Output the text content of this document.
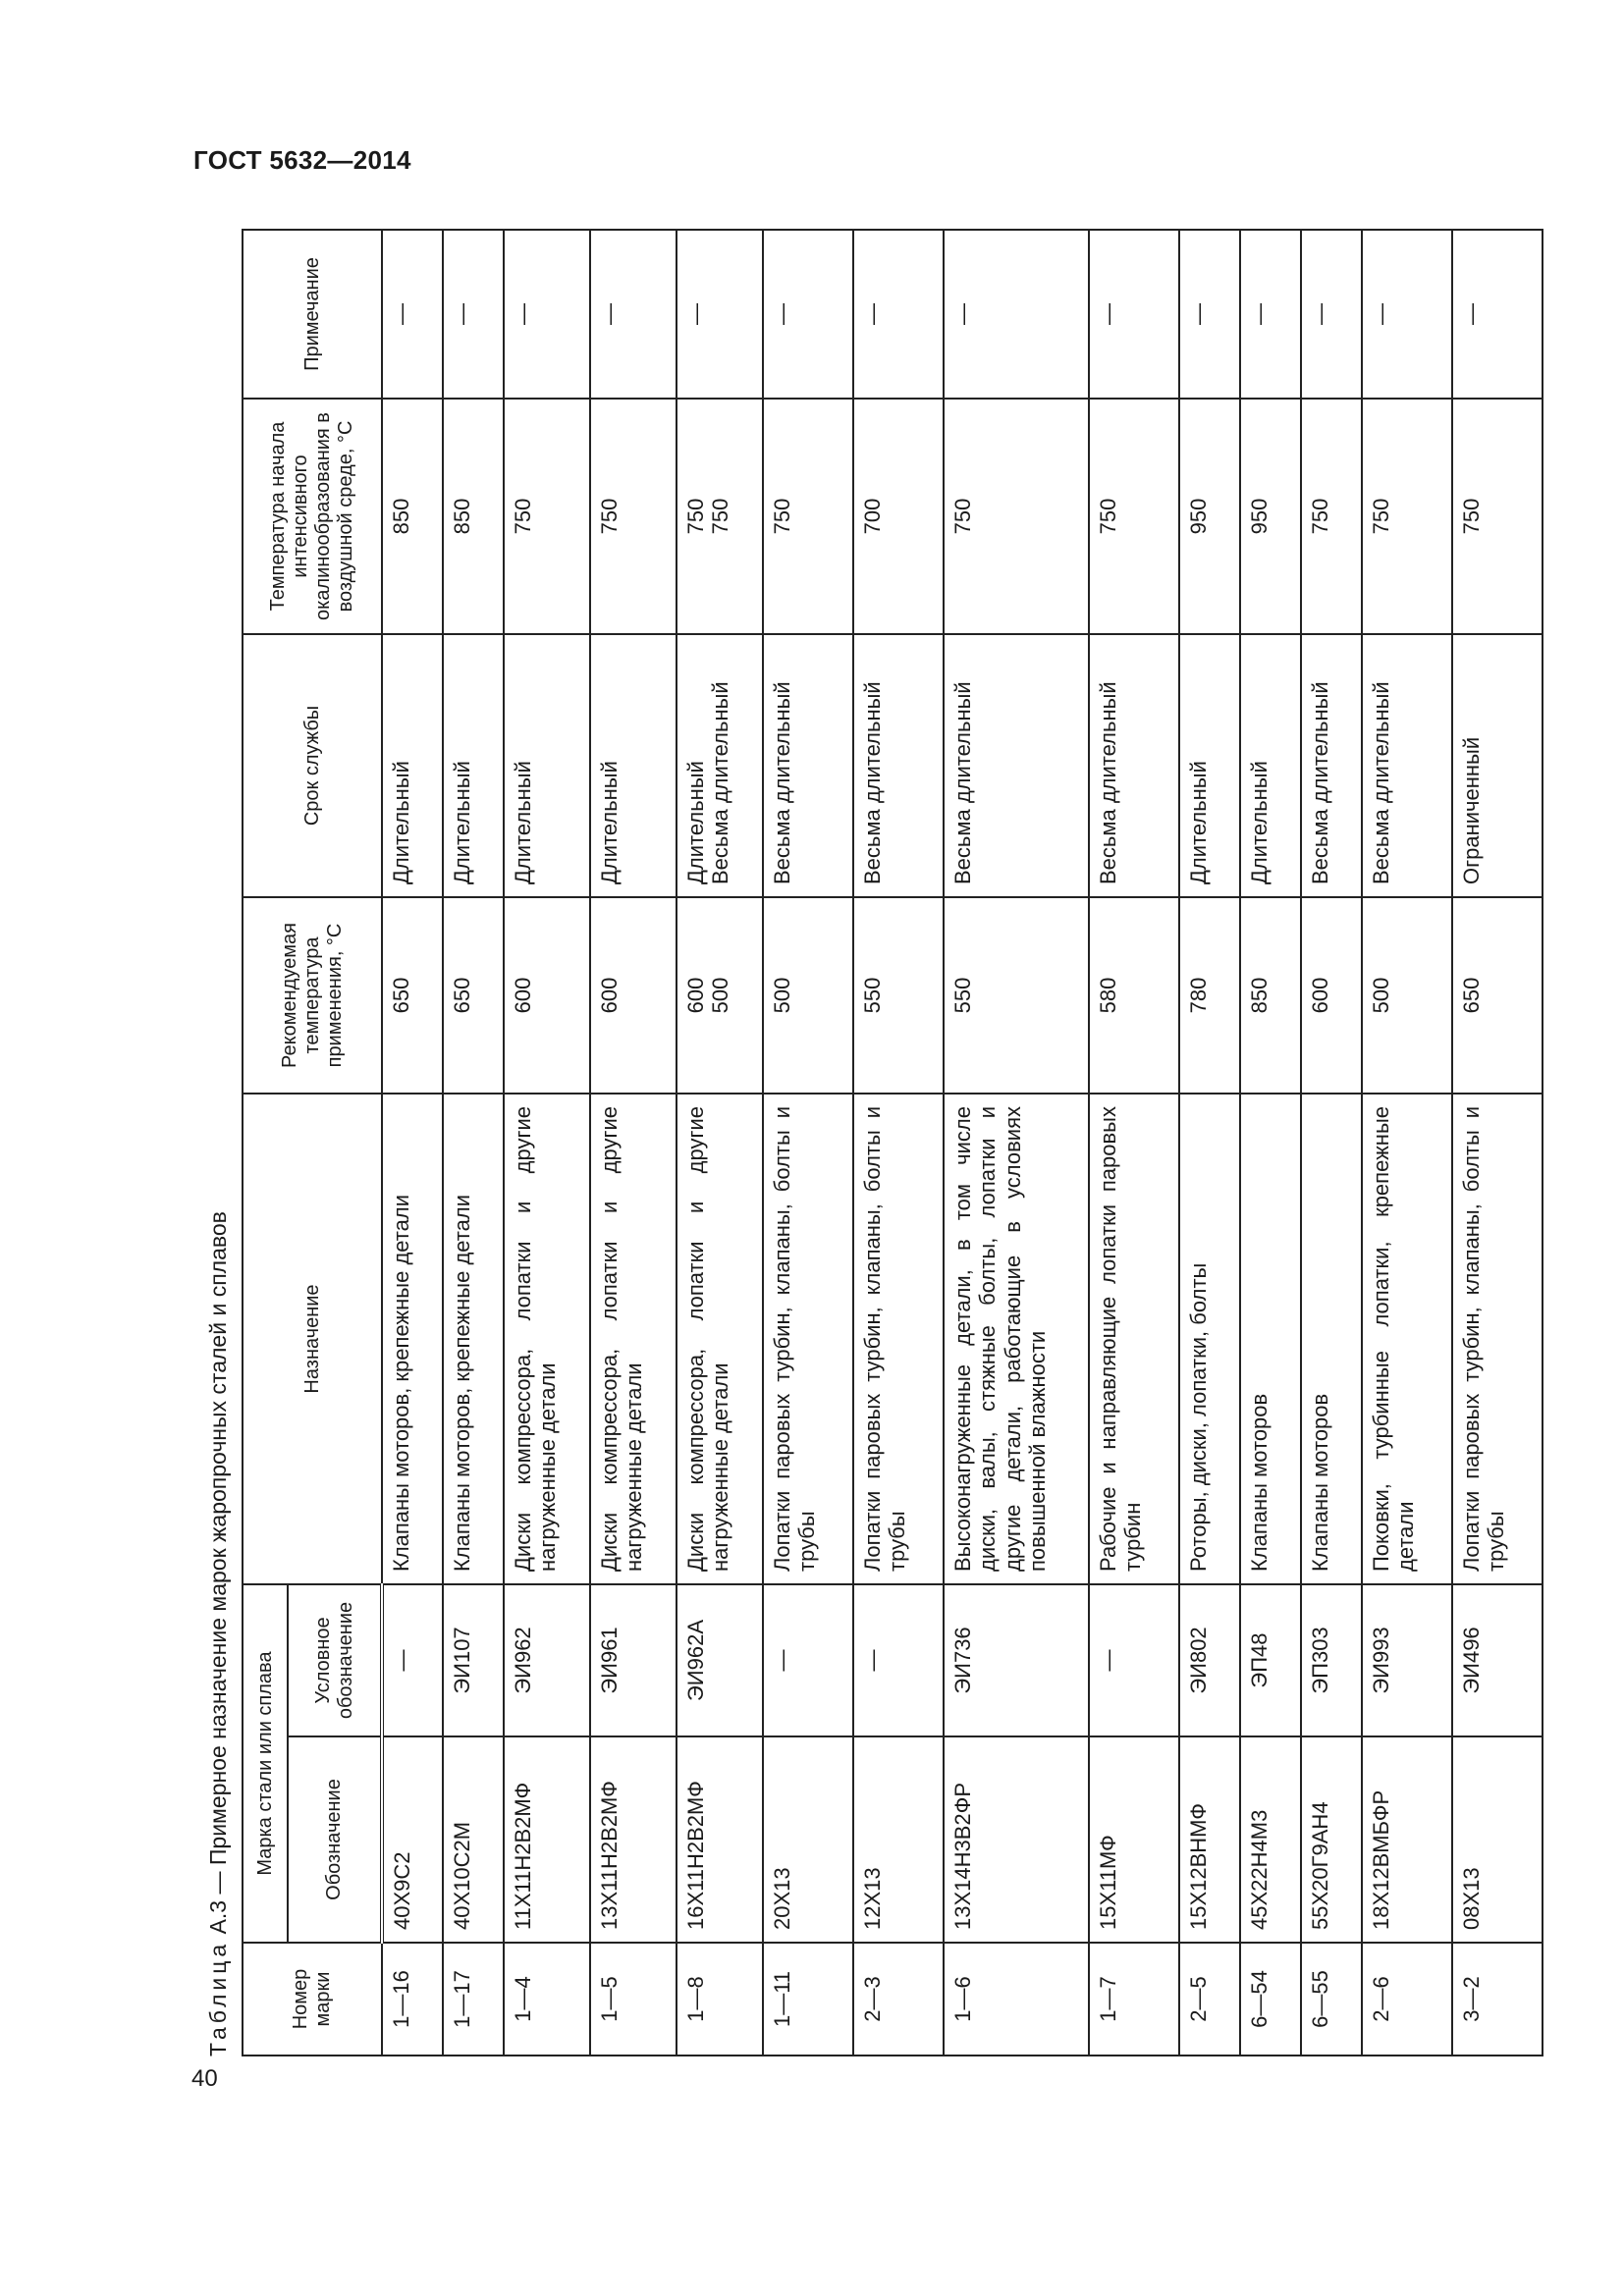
ГОСТ 5632—2014
40
Таблица А.3 — Примерное назначение марок жаропрочных сталей и сплавов
Номер марки	Марка стали или сплава		Назначение	Рекомендуемая температура применения, °С	Срок службы	Температура начала интенсивного окалинообразования в воздушной среде, °С	Примечание
	Обозначение	Условное обозначение					
1—16	40Х9С2	—	Клапаны моторов, крепежные детали	650	Длительный	850	—
1—17	40Х10С2М	ЭИ107	Клапаны моторов, крепежные детали	650	Длительный	850	—
1—4	11Х11Н2В2МФ	ЭИ962	Диски компрессора, лопатки и другие нагруженные детали	600	Длительный	750	—
1—5	13Х11Н2В2МФ	ЭИ961	Диски компрессора, лопатки и другие нагруженные детали	600	Длительный	750	—
1—8	16Х11Н2В2МФ	ЭИ962А	Диски компрессора, лопатки и другие нагруженные детали	600 500	Длительный Весьма длительный	750 750	—
1—11	20Х13	—	Лопатки паровых турбин, клапаны, болты и трубы	500	Весьма длительный	750	—
2—3	12Х13	—	Лопатки паровых турбин, клапаны, болты и трубы	550	Весьма длительный	700	—
1—6	13Х14Н3В2ФР	ЭИ736	Высоконагруженные детали, в том числе диски, валы, стяжные болты, лопатки и другие детали, работающие в условиях повышенной влажности	550	Весьма длительный	750	—
1—7	15Х11МФ	—	Рабочие и направляющие лопатки паровых турбин	580	Весьма длительный	750	—
2—5	15Х12ВНМФ	ЭИ802	Роторы, диски, лопатки, болты	780	Длительный	950	—
6—54	45Х22Н4М3	ЭП48	Клапаны моторов	850	Длительный	950	—
6—55	55Х20Г9АН4	ЭП303	Клапаны моторов	600	Весьма длительный	750	—
2—6	18Х12ВМБФР	ЭИ993	Поковки, турбинные лопатки, крепежные детали	500	Весьма длительный	750	—
3—2	08Х13	ЭИ496	Лопатки паровых турбин, клапаны, болты и трубы	650	Ограниченный	750	—
